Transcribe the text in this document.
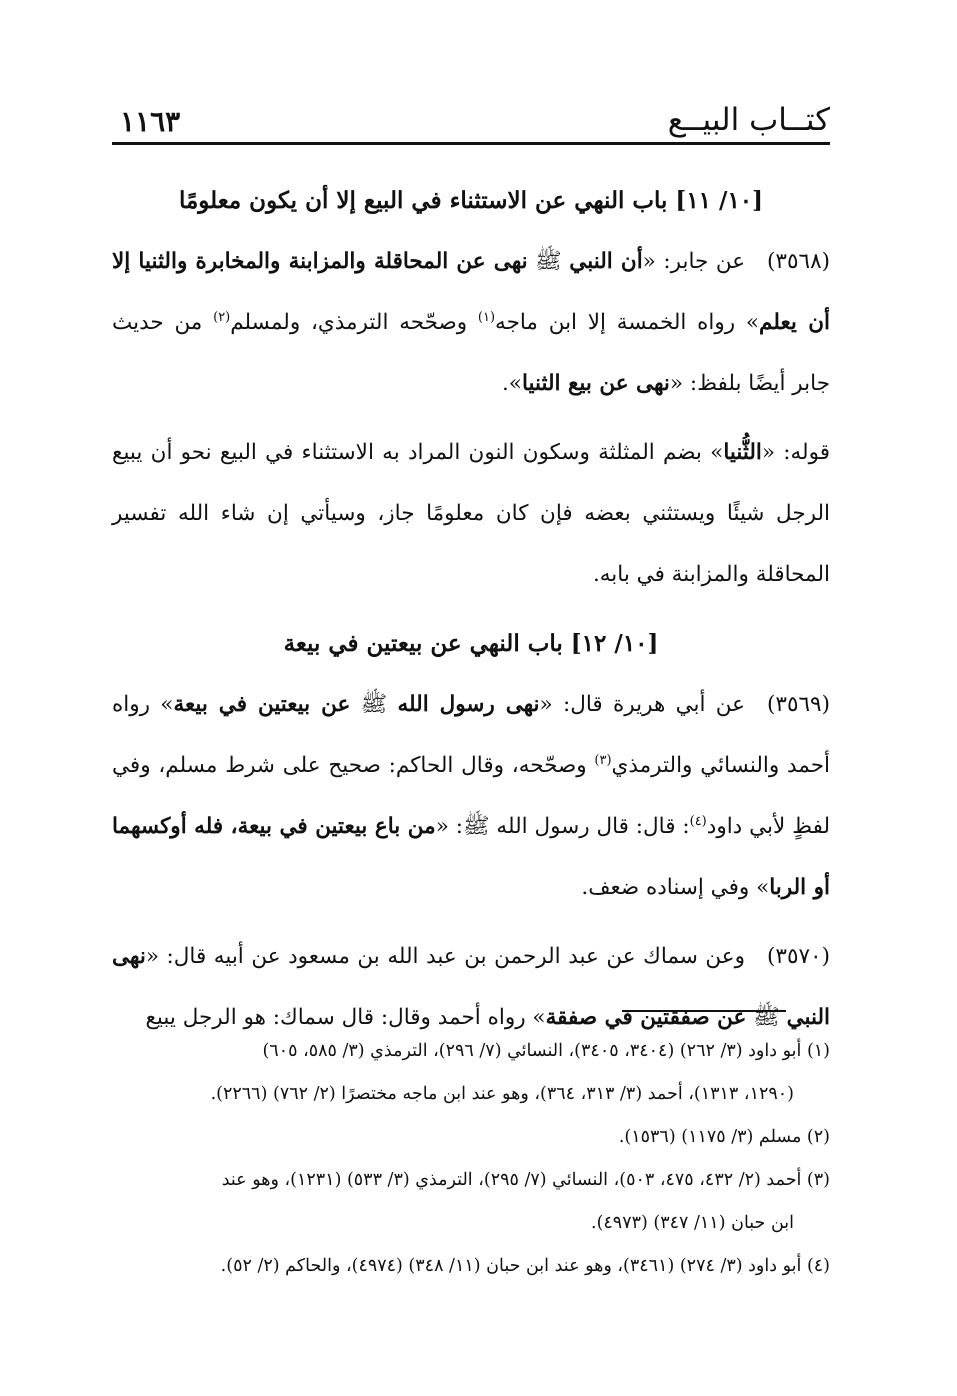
كتــاب البيــع
١١٦٣

[١٠/ ١١] باب النهي عن الاستثناء في البيع إلا أن يكون معلومًا

(٣٥٦٨)عن جابر: «أن النبي ﷺ نهى عن المحاقلة والمزابنة والمخابرة والثنيا إلا أن يعلم» رواه الخمسة إلا ابن ماجه$^{(١)}$ وصحّحه الترمذي، ولمسلم$^{(٢)}$ من حديث جابر أيضًا بلفظ: «نهى عن بيع الثنيا».

قوله: «الثُّنيا» بضم المثلثة وسكون النون المراد به الاستثناء في البيع نحو أن يبيع الرجل شيئًا ويستثني بعضه فإن كان معلومًا جاز، وسيأتي إن شاء الله تفسير المحاقلة والمزابنة في بابه.

[١٠/ ١٢] باب النهي عن بيعتين في بيعة

(٣٥٦٩)عن أبي هريرة قال: «نهى رسول الله ﷺ عن بيعتين في بيعة» رواه أحمد والنسائي والترمذي$^{(٣)}$ وصحّحه، وقال الحاكم: صحيح على شرط مسلم، وفي لفظٍ لأبي داود$^{(٤)}$: قال: قال رسول الله ﷺ: «من باع بيعتين في بيعة، فله أوكسهما أو الربا» وفي إسناده ضعف.

(٣٥٧٠)وعن سماك عن عبد الرحمن بن عبد الله بن مسعود عن أبيه قال: «نهى النبي ﷺ عن صفقتين في صفقة» رواه أحمد وقال: قال سماك: هو الرجل يبيع

(١) أبو داود (٣/ ٢٦٢) (٣٤٠٤، ٣٤٠٥)، النسائي (٧/ ٢٩٦)، الترمذي (٣/ ٥٨٥، ٦٠٥)
(١٢٩٠، ١٣١٣)، أحمد (٣/ ٣١٣، ٣٦٤)، وهو عند ابن ماجه مختصرًا (٢/ ٧٦٢) (٢٢٦٦).

(٢) مسلم (٣/ ١١٧٥) (١٥٣٦).

(٣) أحمد (٢/ ٤٣٢، ٤٧٥، ٥٠٣)، النسائي (٧/ ٢٩٥)، الترمذي (٣/ ٥٣٣) (١٢٣١)، وهو عند
ابن حبان (١١/ ٣٤٧) (٤٩٧٣).

(٤) أبو داود (٣/ ٢٧٤) (٣٤٦١)، وهو عند ابن حبان (١١/ ٣٤٨) (٤٩٧٤)، والحاكم (٢/ ٥٢).
